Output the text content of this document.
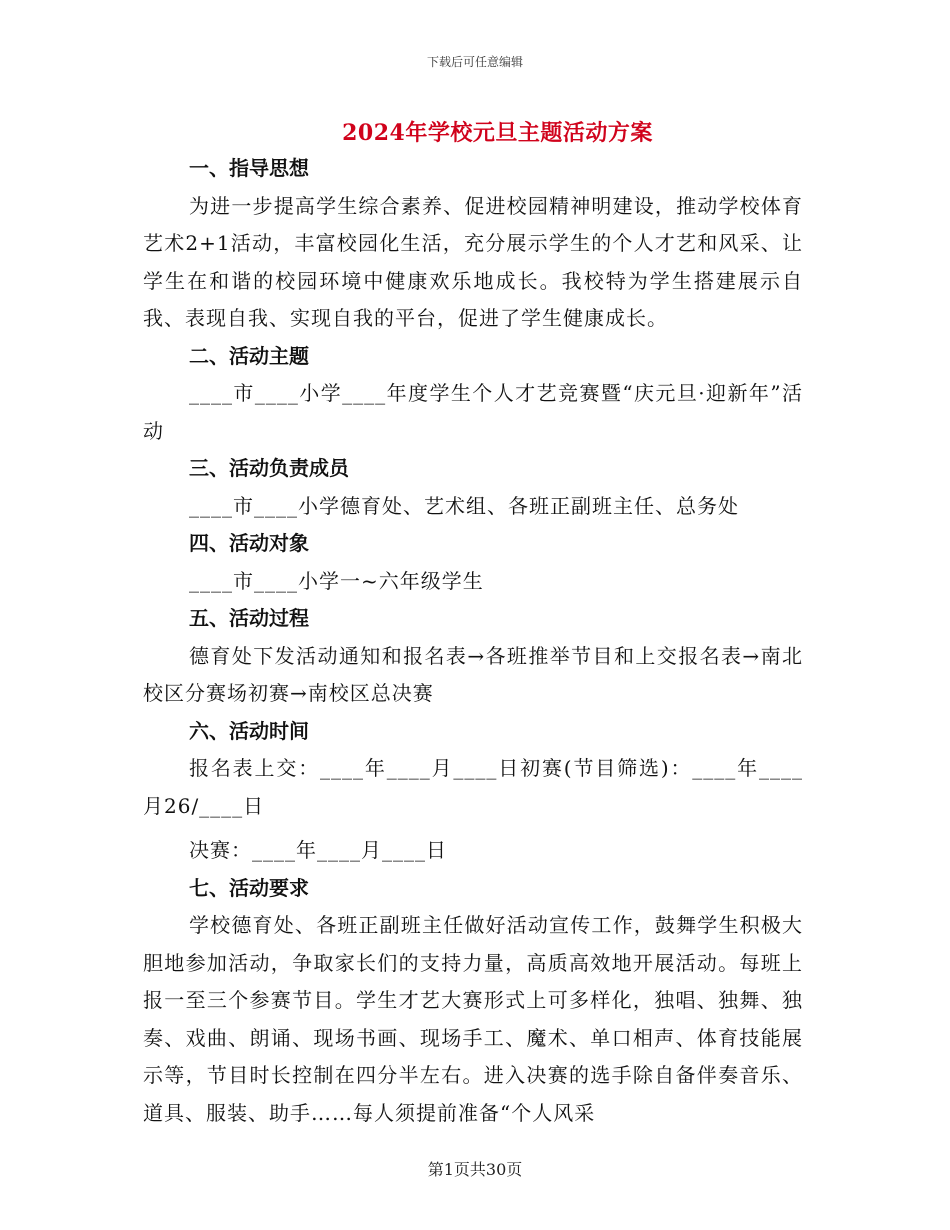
下载后可任意编辑
2024年学校元旦主题活动方案
一、指导思想
为进一步提高学生综合素养、促进校园精神明建设，推动学校体育艺术2+1活动，丰富校园化生活，充分展示学生的个人才艺和风采、让学生在和谐的校园环境中健康欢乐地成长。我校特为学生搭建展示自我、表现自我、实现自我的平台，促进了学生健康成长。
二、活动主题
____市____小学____年度学生个人才艺竞赛暨“庆元旦·迎新年”活动
三、活动负责成员
____市____小学德育处、艺术组、各班正副班主任、总务处
四、活动对象
____市____小学一~六年级学生
五、活动过程
德育处下发活动通知和报名表→各班推举节目和上交报名表→南北校区分赛场初赛→南校区总决赛
六、活动时间
报名表上交：____年____月____日初赛(节目筛选)：____年____月26/____日
决赛：____年____月____日
七、活动要求
学校德育处、各班正副班主任做好活动宣传工作，鼓舞学生积极大胆地参加活动，争取家长们的支持力量，高质高效地开展活动。每班上报一至三个参赛节目。学生才艺大赛形式上可多样化，独唱、独舞、独奏、戏曲、朗诵、现场书画、现场手工、魔术、单口相声、体育技能展示等，节目时长控制在四分半左右。进入决赛的选手除自备伴奏音乐、道具、服装、助手……每人须提前准备“个人风采
第1页共30页
